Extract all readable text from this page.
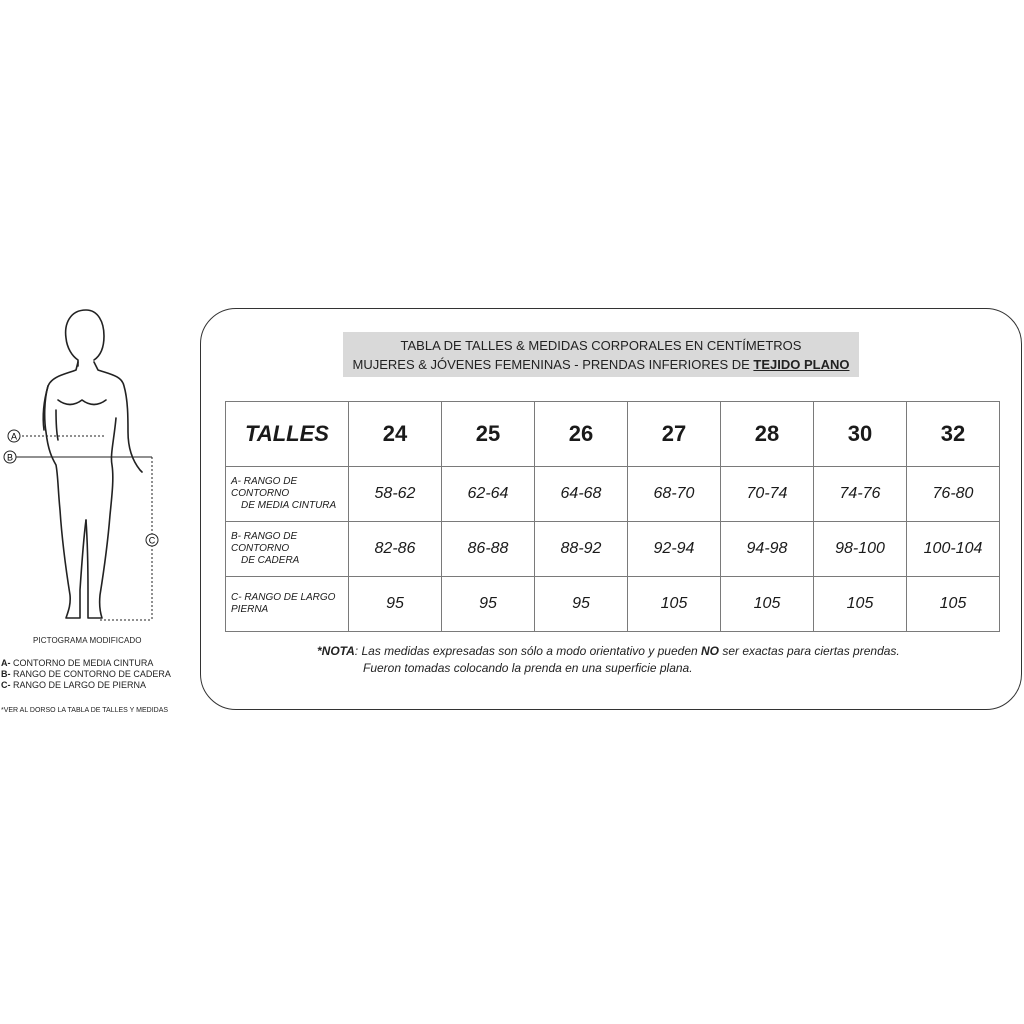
A
B
C
PICTOGRAMA MODIFICADO
A- CONTORNO DE MEDIA CINTURA
B- RANGO DE CONTORNO DE CADERA
C- RANGO DE LARGO DE PIERNA
*VER AL DORSO LA TABLA DE TALLES Y MEDIDAS
TABLA DE TALLES & MEDIDAS CORPORALES EN CENTÍMETROS
MUJERES & JÓVENES FEMENINAS - PRENDAS INFERIORES DE TEJIDO PLANO
TALLES	24	25	26	27	28	30	32

A- RANGO DE CONTORNO
DE MEDIA CINTURA	58-62	62-64	64-68	68-70	70-74	74-76	76-80

B- RANGO DE CONTORNO
DE CADERA	82-86	86-88	88-92	92-94	94-98	98-100	100-104

C- RANGO DE LARGO
PIERNA	95	95	95	105	105	105	105
*NOTA: Las medidas expresadas son sólo a modo orientativo y pueden NO ser exactas para ciertas prendas.
Fueron tomadas colocando la prenda en una superficie plana.
